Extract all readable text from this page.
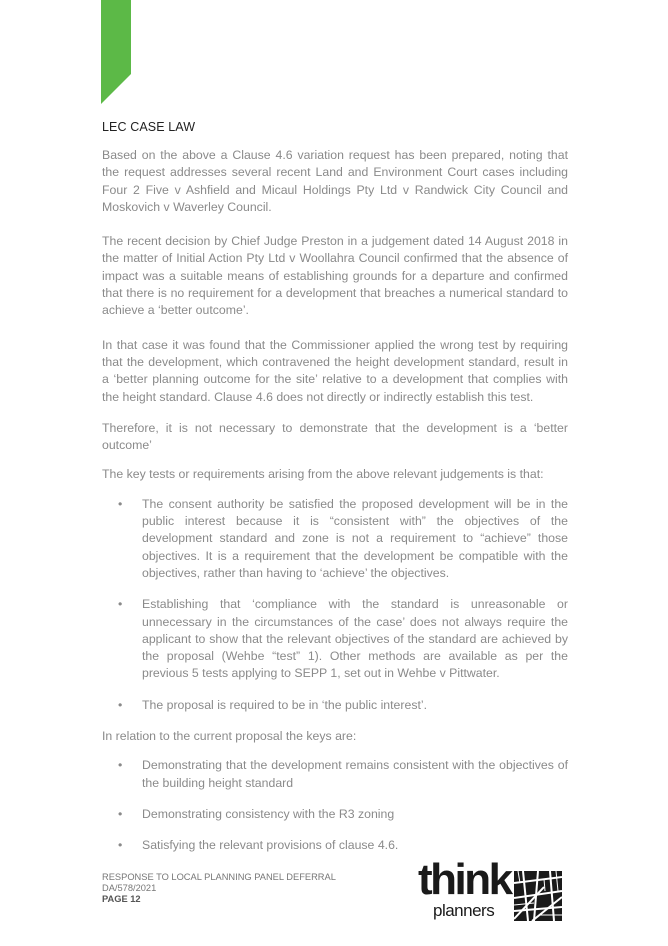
LEC CASE LAW

Based on the above a Clause 4.6 variation request has been prepared, noting that the request addresses several recent Land and Environment Court cases including Four 2 Five v Ashfield and Micaul Holdings Pty Ltd v Randwick City Council and Moskovich v Waverley Council.

The recent decision by Chief Judge Preston in a judgement dated 14 August 2018 in the matter of Initial Action Pty Ltd v Woollahra Council confirmed that the absence of impact was a suitable means of establishing grounds for a departure and confirmed that there is no requirement for a development that breaches a numerical standard to achieve a ‘better outcome’.

In that case it was found that the Commissioner applied the wrong test by requiring that the development, which contravened the height development standard, result in a ‘better planning outcome for the site’ relative to a development that complies with the height standard. Clause 4.6 does not directly or indirectly establish this test.

Therefore, it is not necessary to demonstrate that the development is a ‘better outcome’

The key tests or requirements arising from the above relevant judgements is that:

• The consent authority be satisfied the proposed development will be in the public interest because it is “consistent with” the objectives of the development standard and zone is not a requirement to “achieve” those objectives. It is a requirement that the development be compatible with the objectives, rather than having to ‘achieve’ the objectives.
• Establishing that ‘compliance with the standard is unreasonable or unnecessary in the circumstances of the case’ does not always require the applicant to show that the relevant objectives of the standard are achieved by the proposal (Wehbe “test” 1). Other methods are available as per the previous 5 tests applying to SEPP 1, set out in Wehbe v Pittwater.
• The proposal is required to be in ‘the public interest’.

In relation to the current proposal the keys are:

• Demonstrating that the development remains consistent with the objectives of the building height standard
• Demonstrating consistency with the R3 zoning
• Satisfying the relevant provisions of clause 4.6.
RESPONSE TO LOCAL PLANNING PANEL DEFERRAL
DA/578/2021
PAGE 12	think
planners
